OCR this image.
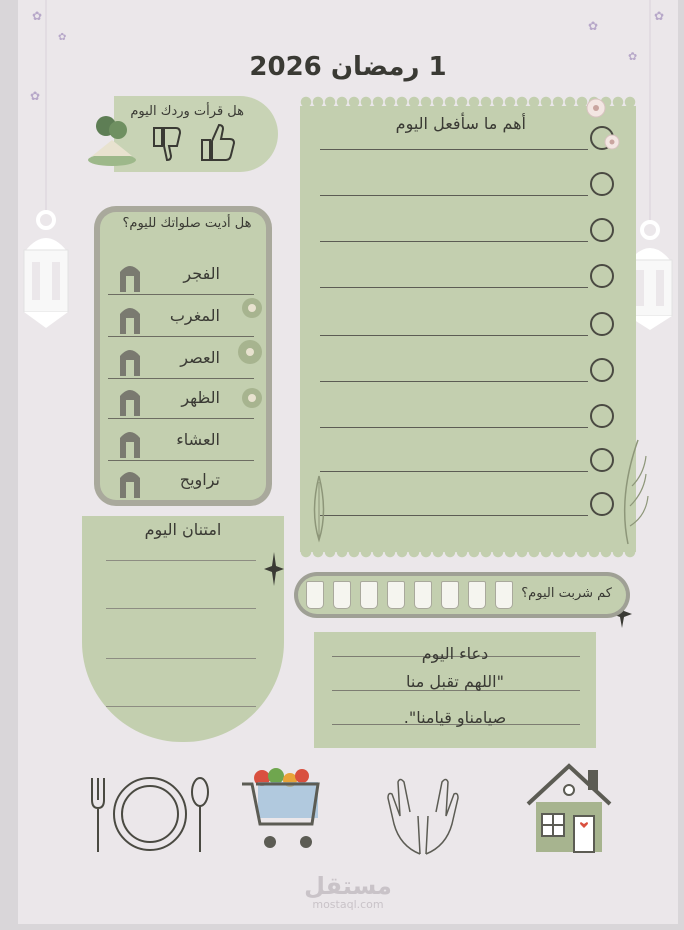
✿
✿
✿
✿
✿
✿
1 رمضان 2026
هل قرأت وردك اليوم
هل أديت صلواتك لليوم؟
الفجر
المغرب
العصر
الظهر
العشاء
تراويح
امتنان اليوم
أهم ما سأفعل اليوم
كم شربت اليوم؟
دعاء اليوم
"اللهم تقبل منا
صيامناو قيامنا".
مستقل
mostaql.com
